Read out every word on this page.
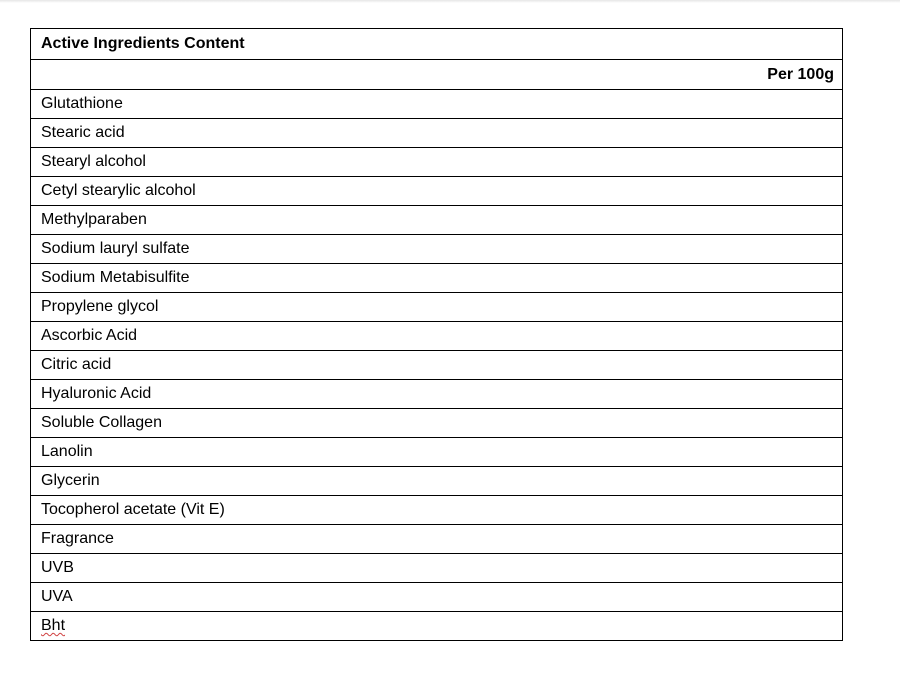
Active Ingredients Content
Per 100g
Glutathione
Stearic acid
Stearyl alcohol
Cetyl stearylic alcohol
Methylparaben
Sodium lauryl sulfate
Sodium Metabisulfite
Propylene glycol
Ascorbic Acid
Citric acid
Hyaluronic Acid
Soluble Collagen
Lanolin
Glycerin
Tocopherol acetate (Vit E)
Fragrance
UVB
UVA
Bht
